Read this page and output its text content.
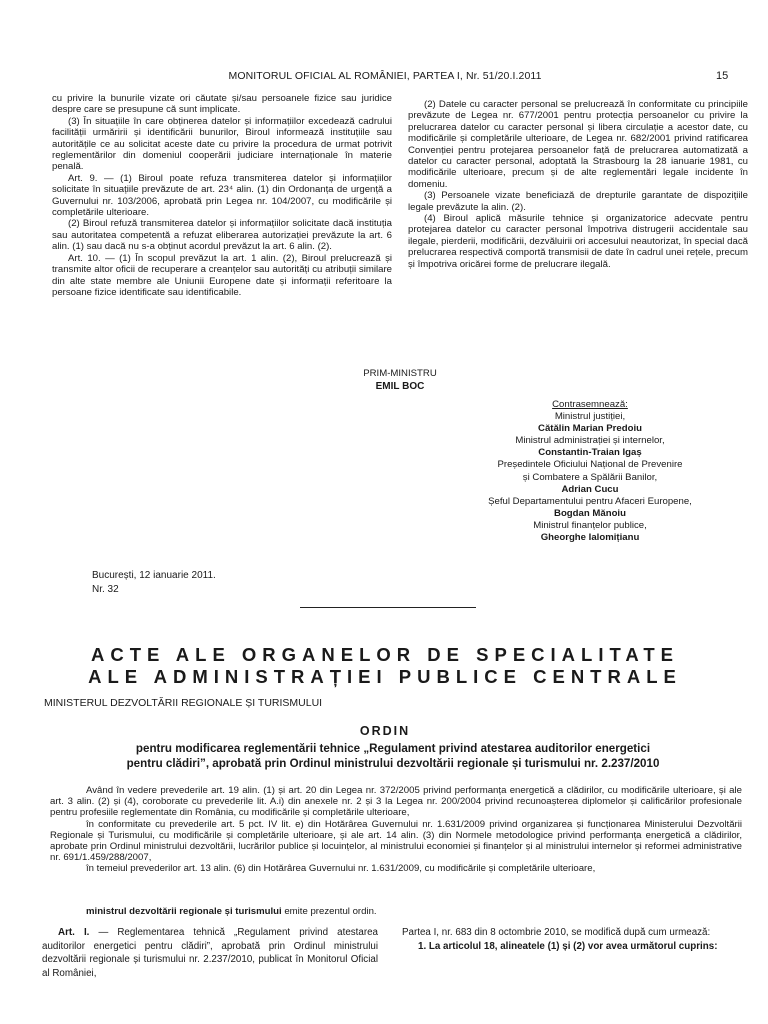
MONITORUL OFICIAL AL ROMÂNIEI, PARTEA I, Nr. 51/20.I.2011	15

cu privire la bunurile vizate ori căutate și/sau persoanele fizice sau juridice despre care se presupune că sunt implicate.

(3) În situațiile în care obținerea datelor și informațiilor excedează cadrului facilității urmăririi și identificării bunurilor, Biroul informează instituțiile sau autoritățile ce au solicitat aceste date cu privire la procedura de urmat potrivit reglementărilor din domeniul cooperării judiciare internaționale în materie penală.

Art. 9. — (1) Biroul poate refuza transmiterea datelor și informațiilor solicitate în situațiile prevăzute de art. 23⁴ alin. (1) din Ordonanța de urgență a Guvernului nr. 103/2006, aprobată prin Legea nr. 104/2007, cu modificările și completările ulterioare.

(2) Biroul refuză transmiterea datelor și informațiilor solicitate dacă instituția sau autoritatea competentă a refuzat eliberarea autorizației prevăzute la art. 6 alin. (1) sau dacă nu s-a obținut acordul prevăzut la art. 6 alin. (2).

Art. 10. — (1) În scopul prevăzut la art. 1 alin. (2), Biroul prelucrează și transmite altor oficii de recuperare a creanțelor sau autorități cu atribuții similare din alte state membre ale Uniunii Europene date și informații referitoare la persoane fizice identificate sau identificabile.

(2) Datele cu caracter personal se prelucrează în conformitate cu principiile prevăzute de Legea nr. 677/2001 pentru protecția persoanelor cu privire la prelucrarea datelor cu caracter personal și libera circulație a acestor date, cu modificările și completările ulterioare, de Legea nr. 682/2001 privind ratificarea Convenției pentru protejarea persoanelor față de prelucrarea automatizată a datelor cu caracter personal, adoptată la Strasbourg la 28 ianuarie 1981, cu modificările ulterioare, precum și de alte reglementări legale incidente în domeniu.

(3) Persoanele vizate beneficiază de drepturile garantate de dispozițiile legale prevăzute la alin. (2).

(4) Biroul aplică măsurile tehnice și organizatorice adecvate pentru protejarea datelor cu caracter personal împotriva distrugerii accidentale sau ilegale, pierderii, modificării, dezvăluirii ori accesului neautorizat, în special dacă prelucrarea respectivă comportă transmisii de date în cadrul unei rețele, precum și împotriva oricărei forme de prelucrare ilegală.

PRIM-MINISTRU
EMIL BOC
Contrasemnează:
Ministrul justiției,
Cătălin Marian Predoiu
Ministrul administrației și internelor,
Constantin-Traian Igaș
Președintele Oficiului Național de Prevenire
și Combatere a Spălării Banilor,
Adrian Cucu
Șeful Departamentului pentru Afaceri Europene,
Bogdan Mănoiu
Ministrul finanțelor publice,
Gheorghe Ialomițianu
București, 12 ianuarie 2011.
Nr. 32
ACTE ALE ORGANELOR DE SPECIALITATE
ALE ADMINISTRAȚIEI PUBLICE CENTRALE
MINISTERUL DEZVOLTĂRII REGIONALE ȘI TURISMULUI
ORDIN
pentru modificarea reglementării tehnice „Regulament privind atestarea auditorilor energetici
pentru clădiri”, aprobată prin Ordinul ministrului dezvoltării regionale și turismului nr. 2.237/2010

Având în vedere prevederile art. 19 alin. (1) și art. 20 din Legea nr. 372/2005 privind performanța energetică a clădirilor, cu modificările ulterioare, și ale art. 3 alin. (2) și (4), coroborate cu prevederile lit. A.i) din anexele nr. 2 și 3 la Legea nr. 200/2004 privind recunoașterea diplomelor și calificărilor profesionale pentru profesiile reglementate din România, cu modificările și completările ulterioare,

în conformitate cu prevederile art. 5 pct. IV lit. e) din Hotărârea Guvernului nr. 1.631/2009 privind organizarea și funcționarea Ministerului Dezvoltării Regionale și Turismului, cu modificările și completările ulterioare, și ale art. 14 alin. (3) din Normele metodologice privind performanța energetică a clădirilor, aprobate prin Ordinul ministrului dezvoltării, lucrărilor publice și locuințelor, al ministrului economiei și finanțelor și al ministrului internelor și reformei administrative nr. 691/1.459/288/2007,

în temeiul prevederilor art. 13 alin. (6) din Hotărârea Guvernului nr. 1.631/2009, cu modificările și completările ulterioare,

ministrul dezvoltării regionale și turismului emite prezentul ordin.

Art. I. — Reglementarea tehnică „Regulament privind atestarea auditorilor energetici pentru clădiri”, aprobată prin Ordinul ministrului dezvoltării regionale și turismului nr. 2.237/2010, publicat în Monitorul Oficial al României,

Partea I, nr. 683 din 8 octombrie 2010, se modifică după cum urmează:

1. La articolul 18, alineatele (1) și (2) vor avea următorul cuprins:
